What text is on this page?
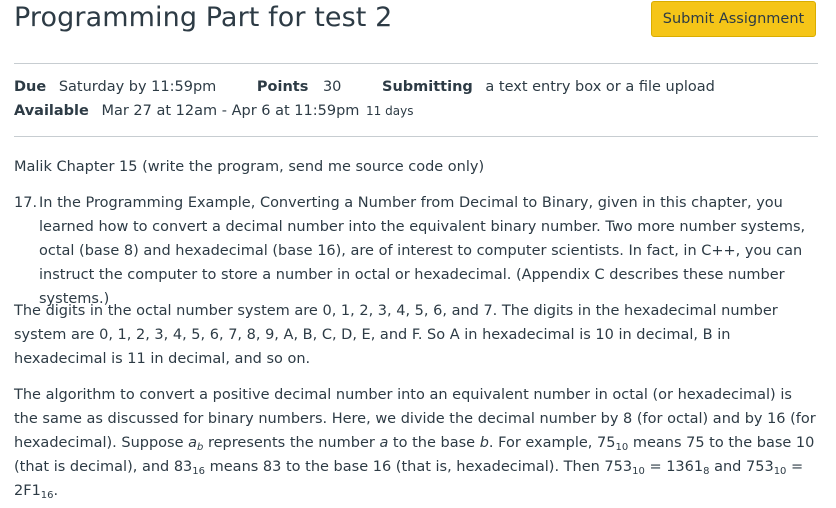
Programming Part for test 2	Submit Assignment
Due Saturday by 11:59pm	Points 30	Submitting a text entry box or a file upload
Available Mar 27 at 12am - Apr 6 at 11:59pm 11 days
Malik Chapter 15 (write the program, send me source code only)
17. In the Programming Example, Converting a Number from Decimal to Binary, given in this chapter, you learned how to convert a decimal number into the equivalent binary number. Two more number systems, octal (base 8) and hexadecimal (base 16), are of interest to computer scientists. In fact, in C++, you can instruct the computer to store a number in octal or hexadecimal. (Appendix C describes these number systems.)
The digits in the octal number system are 0, 1, 2, 3, 4, 5, 6, and 7. The digits in the hexadecimal number system are 0, 1, 2, 3, 4, 5, 6, 7, 8, 9, A, B, C, D, E, and F. So A in hexadecimal is 10 in decimal, B in hexadecimal is 11 in decimal, and so on.
The algorithm to convert a positive decimal number into an equivalent number in octal (or hexadecimal) is the same as discussed for binary numbers. Here, we divide the decimal number by 8 (for octal) and by 16 (for hexadecimal). Suppose $a_b$ represents the number a to the base b. For example, $75_{10}$ means 75 to the base 10 (that is decimal), and $83_{16}$ means 83 to the base 16 (that is, hexadecimal). Then $753_{10} = 1361_8$ and $753_{10} = 2F1_{16}$.
